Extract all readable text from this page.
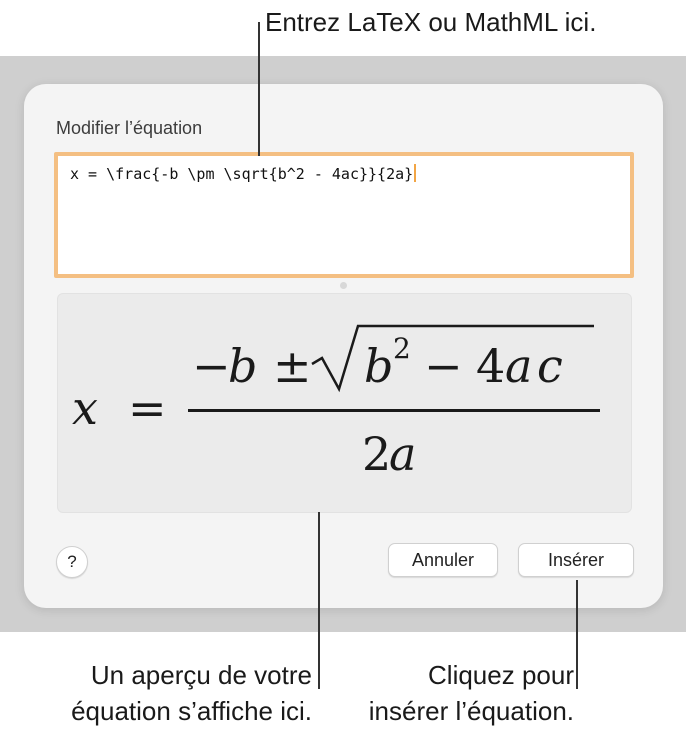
Modifier l’équation
x = \frac{-b \pm \sqrt{b^2 - 4ac}}{2a}
x =
−
b ± b 2 − 4 a c
2
a
?	Annuler	Insérer
Entrez LaTeX ou MathML ici.
Un aperçu de votre
équation s’affiche ici.
Cliquez pour
insérer l’équation.
